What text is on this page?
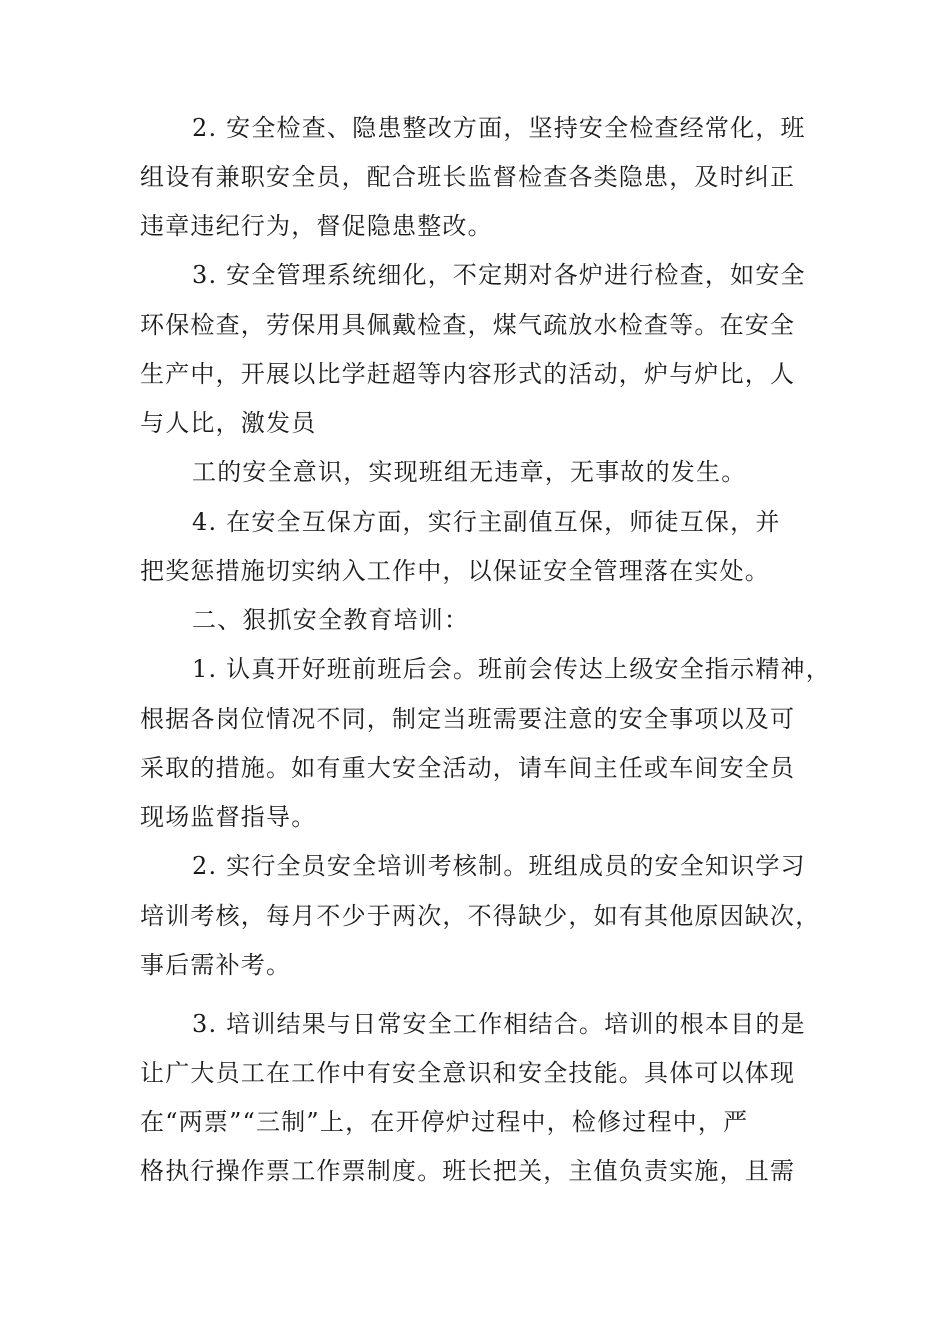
2. 安全检查、隐患整改方面，坚持安全检查经常化，班
组设有兼职安全员，配合班长监督检查各类隐患，及时纠正
违章违纪行为，督促隐患整改。
3. 安全管理系统细化，不定期对各炉进行检查，如安全
环保检查，劳保用具佩戴检查，煤气疏放水检查等。在安全
生产中，开展以比学赶超等内容形式的活动，炉与炉比，人
与人比，激发员
工的安全意识，实现班组无违章，无事故的发生。
4. 在安全互保方面，实行主副值互保，师徒互保，并
把奖惩措施切实纳入工作中，以保证安全管理落在实处。
二、狠抓安全教育培训：
1. 认真开好班前班后会。班前会传达上级安全指示精神，
根据各岗位情况不同，制定当班需要注意的安全事项以及可
采取的措施。如有重大安全活动，请车间主任或车间安全员
现场监督指导。
2. 实行全员安全培训考核制。班组成员的安全知识学习
培训考核，每月不少于两次，不得缺少，如有其他原因缺次，
事后需补考。
3. 培训结果与日常安全工作相结合。培训的根本目的是
让广大员工在工作中有安全意识和安全技能。具体可以体现
在“两票”“三制”上，在开停炉过程中，检修过程中，严
格执行操作票工作票制度。班长把关，主值负责实施，且需
